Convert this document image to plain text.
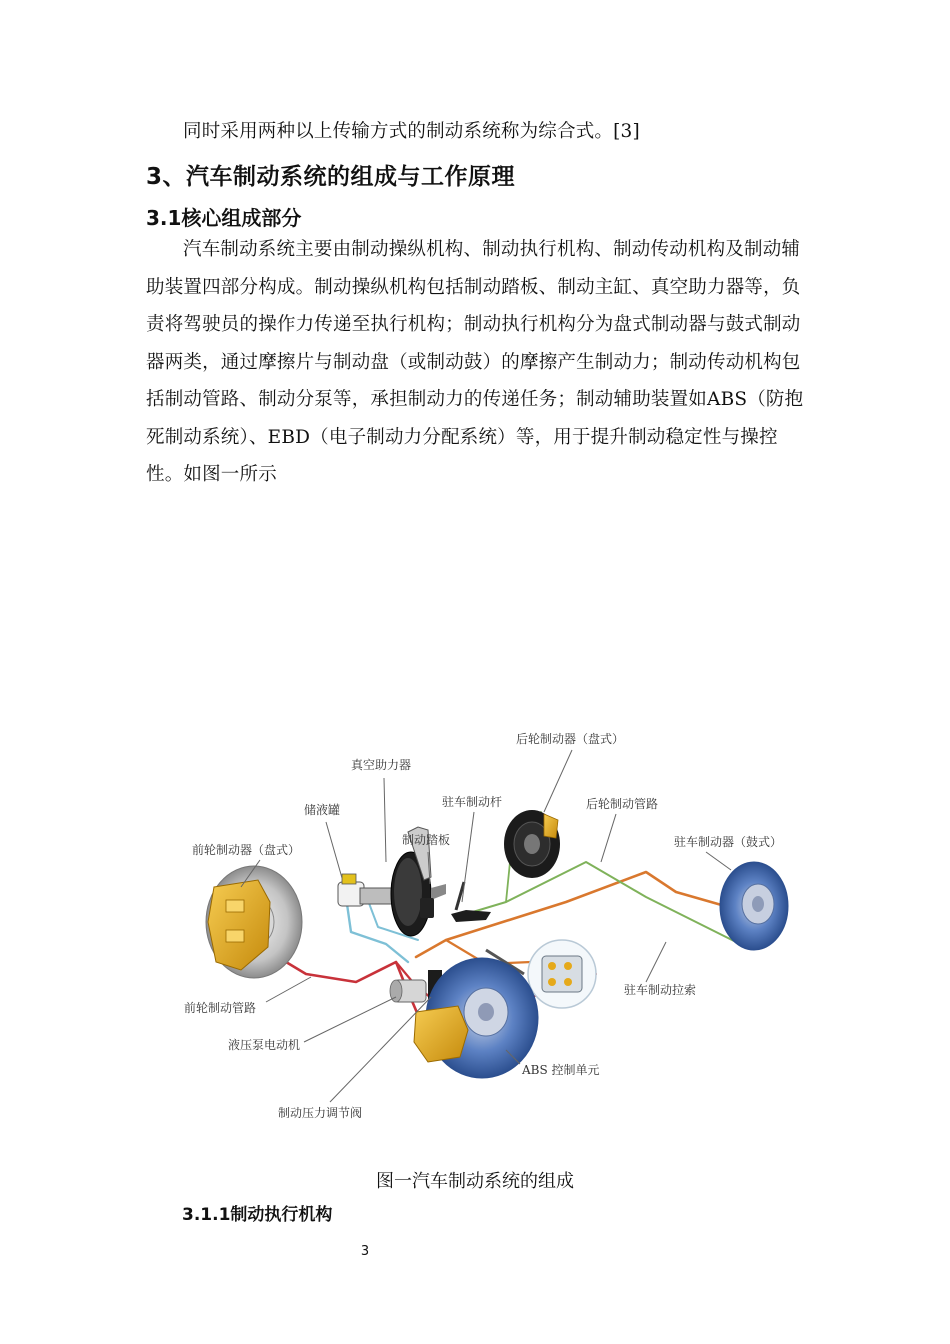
同时采用两种以上传输方式的制动系统称为综合式。[3]

3、汽车制动系统的组成与工作原理
3.1核心组成部分

汽车制动系统主要由制动操纵机构、制动执行机构、制动传动机构及制动辅助装置四部分构成。制动操纵机构包括制动踏板、制动主缸、真空助力器等，负责将驾驶员的操作力传递至执行机构；制动执行机构分为盘式制动器与鼓式制动器两类，通过摩擦片与制动盘（或制动鼓）的摩擦产生制动力；制动传动机构包括制动管路、制动分泵等，承担制动力的传递任务；制动辅助装置如ABS（防抱死制动系统）、EBD（电子制动力分配系统）等，用于提升制动稳定性与操控性。如图一所示

后轮制动器（盘式）
真空助力器
驻车制动杆	后轮制动管路
储液罐
制动踏板
前轮制动器（盘式）
驻车制动器（鼓式）
驻车制动拉索
前轮制动管路
液压泵电动机
ABS 控制单元
制动压力调节阀
图一汽车制动系统的组成
3.1.1制动执行机构
3
